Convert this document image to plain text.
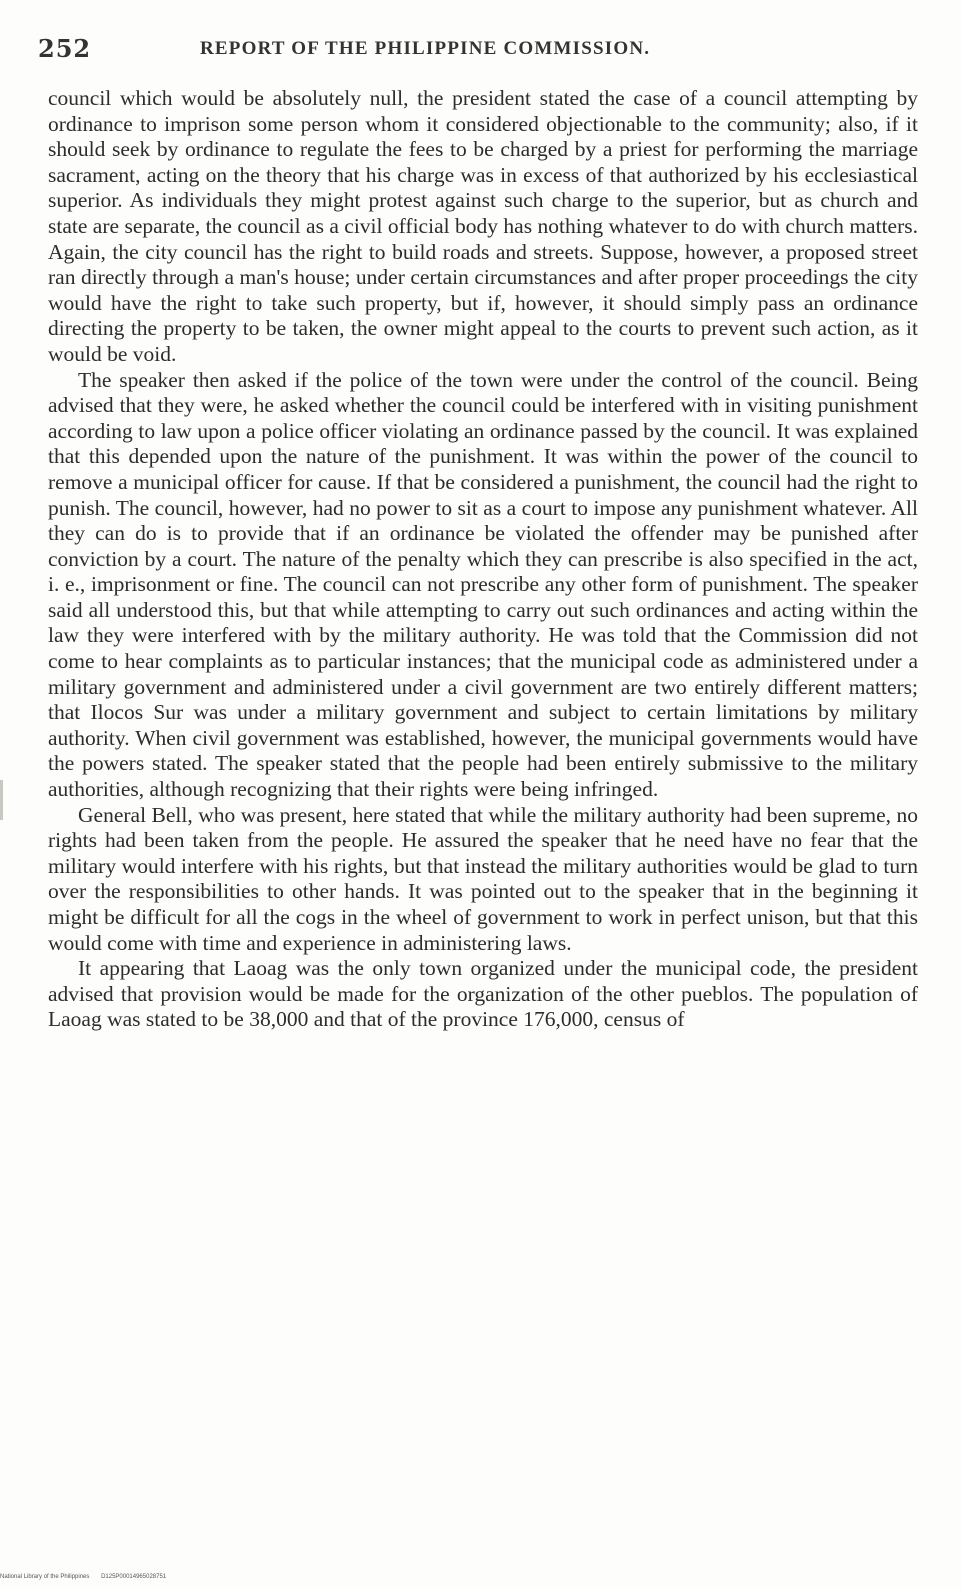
252	REPORT OF THE PHILIPPINE COMMISSION.

council which would be absolutely null, the president stated the case of a council attempting by ordinance to imprison some person whom it considered objectionable to the community; also, if it should seek by ordinance to regulate the fees to be charged by a priest for performing the marriage sacrament, acting on the theory that his charge was in excess of that authorized by his ecclesiastical superior. As individuals they might protest against such charge to the superior, but as church and state are separate, the council as a civil official body has nothing whatever to do with church matters. Again, the city council has the right to build roads and streets. Suppose, however, a proposed street ran directly through a man's house; under certain circumstances and after proper proceedings the city would have the right to take such property, but if, however, it should simply pass an ordinance directing the property to be taken, the owner might appeal to the courts to prevent such action, as it would be void.

The speaker then asked if the police of the town were under the control of the council. Being advised that they were, he asked whether the council could be interfered with in visiting punishment according to law upon a police officer violating an ordinance passed by the council. It was explained that this depended upon the nature of the punishment. It was within the power of the council to remove a municipal officer for cause. If that be considered a punishment, the council had the right to punish. The council, however, had no power to sit as a court to impose any punishment whatever. All they can do is to provide that if an ordinance be violated the offender may be punished after conviction by a court. The nature of the penalty which they can prescribe is also specified in the act, i. e., imprisonment or fine. The council can not prescribe any other form of punishment. The speaker said all understood this, but that while attempting to carry out such ordinances and acting within the law they were interfered with by the military authority. He was told that the Commission did not come to hear complaints as to particular instances; that the municipal code as administered under a military government and administered under a civil government are two entirely different matters; that Ilocos Sur was under a military government and subject to certain limitations by military authority. When civil government was established, however, the municipal governments would have the powers stated. The speaker stated that the people had been entirely submissive to the military authorities, although recognizing that their rights were being infringed.

General Bell, who was present, here stated that while the military authority had been supreme, no rights had been taken from the people. He assured the speaker that he need have no fear that the military would interfere with his rights, but that instead the military authorities would be glad to turn over the responsibilities to other hands. It was pointed out to the speaker that in the beginning it might be difficult for all the cogs in the wheel of government to work in perfect unison, but that this would come with time and experience in administering laws.

It appearing that Laoag was the only town organized under the municipal code, the president advised that provision would be made for the organization of the other pueblos. The population of Laoag was stated to be 38,000 and that of the province 176,000, census of

National Library of the Philippines D125P00014965028751
